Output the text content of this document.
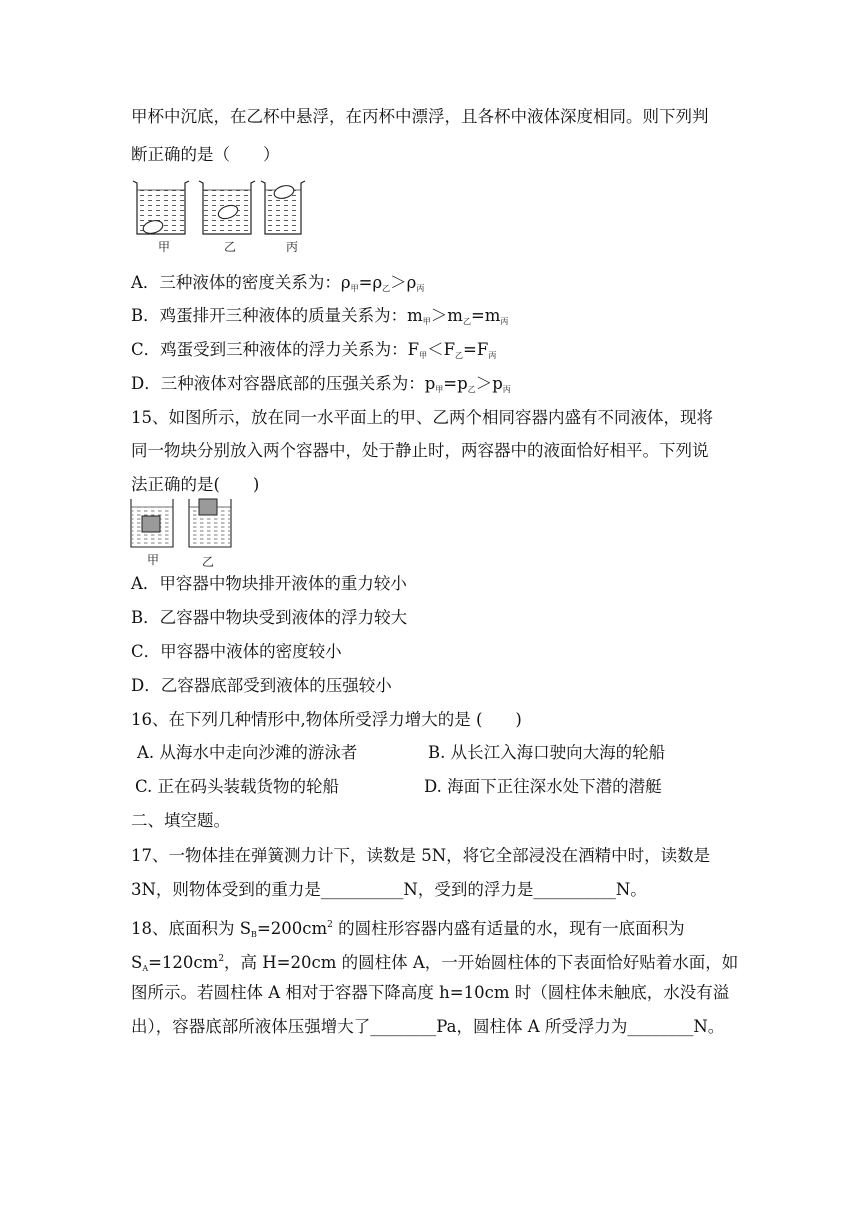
甲杯中沉底，在乙杯中悬浮，在丙杯中漂浮，且各杯中液体深度相同。则下列判
断正确的是（　　）
甲	乙	丙
A．三种液体的密度关系为：$\rho_甲=\rho_乙>\rho_丙$
B．鸡蛋排开三种液体的质量关系为：$m_甲>m_乙=m_丙$
C．鸡蛋受到三种液体的浮力关系为：$F_甲<F_乙=F_丙$
D．三种液体对容器底部的压强关系为：$p_甲=p_乙>p_丙$
15、如图所示，放在同一水平面上的甲、乙两个相同容器内盛有不同液体，现将
同一物块分别放入两个容器中，处于静止时，两容器中的液面恰好相平。下列说
法正确的是(　　)
甲	乙
A．甲容器中物块排开液体的重力较小
B．乙容器中物块受到液体的浮力较大
C．甲容器中液体的密度较小
D．乙容器底部受到液体的压强较小
16、在下列几种情形中,物体所受浮力增大的是 (　　)
A. 从海水中走向沙滩的游泳者	B. 从长江入海口驶向大海的轮船
C. 正在码头装载货物的轮船	D. 海面下正往深水处下潜的潜艇
二、填空题。
17、一物体挂在弹簧测力计下，读数是 5N，将它全部浸没在酒精中时，读数是
3N，则物体受到的重力是__________N，受到的浮力是__________N。
18、底面积为 $S_B=200cm^2$ 的圆柱形容器内盛有适量的水，现有一底面积为
$S_A=120cm^2$，高 H=20cm 的圆柱体 A，一开始圆柱体的下表面恰好贴着水面，如
图所示。若圆柱体 A 相对于容器下降高度 h=10cm 时（圆柱体未触底，水没有溢
出），容器底部所液体压强增大了________Pa，圆柱体 A 所受浮力为________N。
